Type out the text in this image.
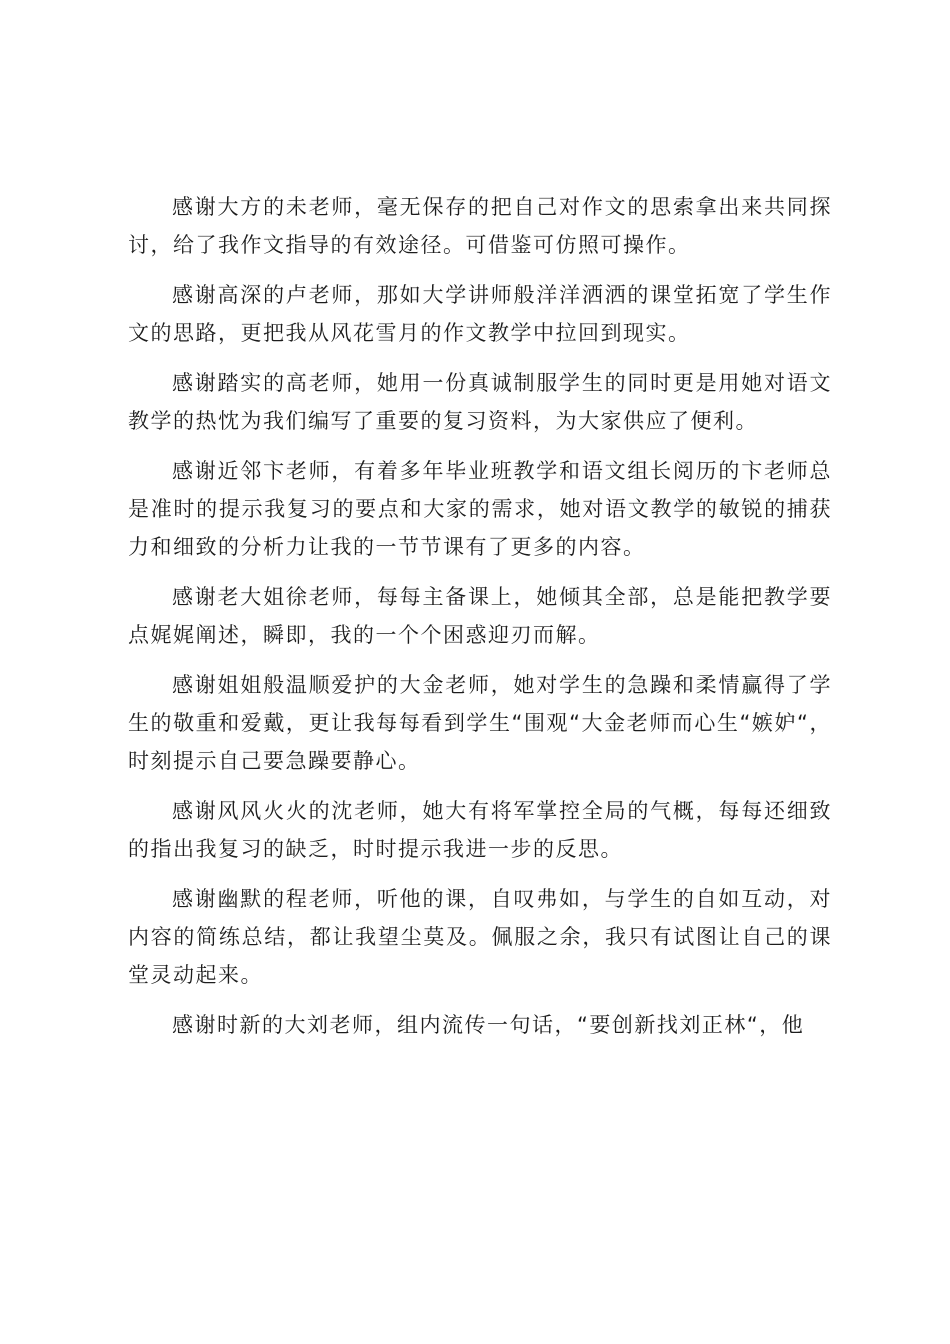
感谢大方的未老师，毫无保存的把自己对作文的思索拿出来共同探讨，给了我作文指导的有效途径。可借鉴可仿照可操作。

感谢高深的卢老师，那如大学讲师般洋洋洒洒的课堂拓宽了学生作文的思路，更把我从风花雪月的作文教学中拉回到现实。

感谢踏实的高老师，她用一份真诚制服学生的同时更是用她对语文教学的热忱为我们编写了重要的复习资料，为大家供应了便利。

感谢近邻卞老师，有着多年毕业班教学和语文组长阅历的卞老师总是准时的提示我复习的要点和大家的需求，她对语文教学的敏锐的捕获力和细致的分析力让我的一节节课有了更多的内容。

感谢老大姐徐老师，每每主备课上，她倾其全部，总是能把教学要点娓娓阐述，瞬即，我的一个个困惑迎刃而解。

感谢姐姐般温顺爱护的大金老师，她对学生的急躁和柔情赢得了学生的敬重和爱戴，更让我每每看到学生“围观“大金老师而心生“嫉妒“，时刻提示自己要急躁要静心。

感谢风风火火的沈老师，她大有将军掌控全局的气概，每每还细致的指出我复习的缺乏，时时提示我进一步的反思。

感谢幽默的程老师，听他的课，自叹弗如，与学生的自如互动，对内容的简练总结，都让我望尘莫及。佩服之余，我只有试图让自己的课堂灵动起来。

感谢时新的大刘老师，组内流传一句话，“要创新找刘正林“，他
